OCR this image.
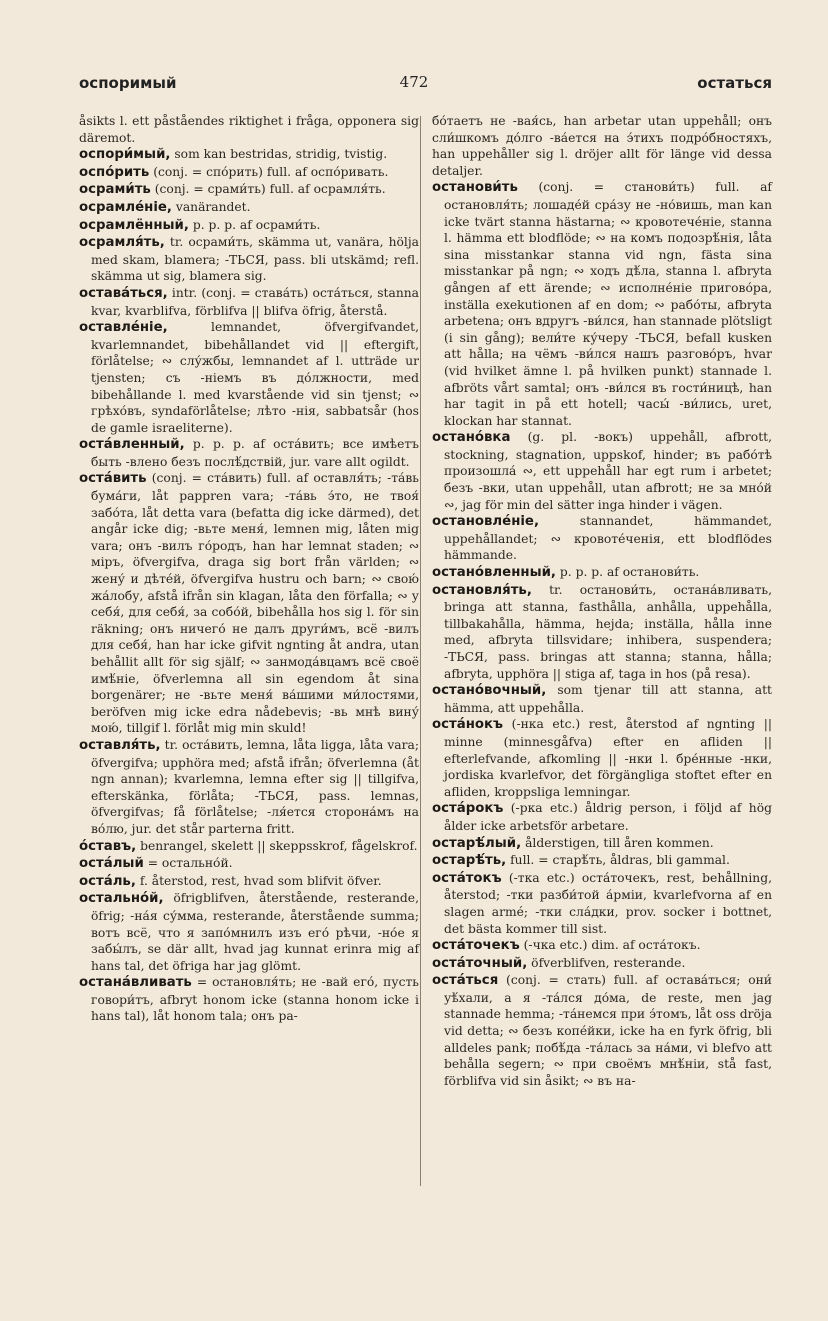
оспоримый	472	остаться

åsikts l. ett påståendes riktighet i fråga, opponera sig däremot.

оспори́мый, som kan bestridas, stridig, tvistig.

оспо́рить (conj. = спо́рить) full. af оспо́ривать.

осрами́ть (conj. = срами́ть) full. af осрамля́ть.

осрамле́ніе, vanärandet.

осрамлённый, p. p. p. af осрами́ть.

осрамля́ть, tr. осрами́ть, skämma ut, vanära, hölja med skam, blamera; -ТЬСЯ, pass. bli utskämd; refl. skämma ut sig, blamera sig.

остава́ться, intr. (conj. = става́ть) оста́ться, stanna kvar, kvarblifva, förblifva || blifva öfrig, återstå.

оставле́ніе,	lemnandet, öfvergifvandet, kvarlemnandet, bibehållandet vid || eftergift, förlåtelse; ∾ слу́жбы, lemnandet af l. utträde ur tjensten; съ -ніемъ въ до́лжности, med bibehållande l. med kvarstående vid sin tjenst; ∾ грѣхо́въ, syndaförlåtelse; лѣто -нія, sabbatsår (hos de gamle israeliterne).

оста́вленный, p. p. p. af оста́вить; все имѣетъ быть -вленo безъ послѣ́дствій, jur. vare allt ogildt.

оста́вить (conj. = ста́вить) full. af оставля́ть; -та́вь бума́ги, låt pappren vara; -та́вь э́то, не твоя́ забо́та, låt detta vara (befatta dig icke därmed), det angår icke dig; -вьте меня́, lemnen mig, låten mig vara; онъ -вилъ го́родъ, han har lemnat staden; ∾ міръ, öfvergifva, draga sig bort från världen; ∾ жену́ и дѣте́й, öfvergifva hustru och barn; ∾ свою́ жа́лобу, afstå ifrån sin klagan, låta den förfalla; ∾ у себя́, для себя́, за собо́й, bibehålla hos sig l. för sin räkning; онъ ничего́ не далъ други́мъ, всё -вилъ для себя́, han har icke gifvit ngnting åt andra, utan behållit allt för sig själf; ∾ занмода́вцамъ всё своё имѣ́ніе, öfverlemna all sin egendom åt sina borgenärer; не -вьте меня́ ва́шими ми́лостями, beröfven mig icke edra nådebevis; -вь мнѣ вину́ мою́, tillgif l. förlåt mig min skuld!

оставля́ть, tr. оста́вить, lemna, låta ligga, låta vara; öfvergifva; upphöra med; afstå ifrån; öfverlemna (åt ngn annan); kvarlemna, lemna efter sig || tillgifva, efterskänka, förlåta; -ТЬСЯ, pass. lemnas, öfvergifvas; få förlåtelse; -ля́ется сторона́мъ на во́лю, jur. det står parterna fritt.

о́ставъ, benrangel, skelett || skeppsskrof, fågelskrof.

оста́лый = остально́й.

оста́ль, f. återstod, rest, hvad som blifvit öfver.

остально́й, öfrigblifven, återstående, resterande, öfrig; -на́я су́мма, resterande, återstående summa; вотъ всё, что я запо́мнилъ изъ его́ рѣчи, -но́е я забы́лъ, se där allt, hvad jag kunnat erinra mig af hans tal, det öfriga har jag glömt.

остана́вливать = остановля́ть; не -вай его́, пусть говори́тъ, afbryt honom icke (stanna honom icke i hans tal), låt honom tala; онъ ра-

бо́таетъ не -вая́сь, han arbetar utan uppehåll; онъ сли́шкомъ до́лго -ва́ется на э́тихъ подро́бностяхъ, han uppehåller sig l. dröjer allt för länge vid dessa detaljer.

останови́ть (conj. = станови́ть) full. af остановля́ть; лошаде́й сра́зу не -но́вишь, man kan icke tvärt stanna hästarna; ∾ кровотече́ніе, stanna l. hämma ett blodflöde; ∾ на комъ подозрѣ́нія, låta sina misstankar stanna vid ngn, fästa sina misstankar på ngn; ∾ ходъ дѣ́ла, stanna l. afbryta gången af ett ärende; ∾ исполне́ніе пригово́ра, inställa exekutionen af en dom; ∾ рабо́ты, afbryta arbetena; онъ вдругъ -ви́лся, han stannade plötsligt (i sin gång); вели́те ку́черу -ТЬСЯ, befall kusken att hålla; на чёмъ -ви́лся нашъ разгово́ръ, hvar (vid hvilket ämne l. på hvilken punkt) stannade l. afbröts vårt samtal; онъ -ви́лся въ гости́ницѣ, han har tagit in på ett hotell; часы́ -ви́лись, uret, klockan har stannat.

остано́вка (g. pl. -вокъ) uppehåll, afbrott, stockning, stagnation, uppskof, hinder; въ рабо́тѣ произошла́ ∾, ett uppehåll har egt rum i arbetet; безъ -вки, utan uppehåll, utan afbrott; не за мно́й ∾, jag för min del sätter inga hinder i vägen.

остановле́ніе,	stannandet, hämmandet, uppehållandet; ∾ кровоте́ченія, ett blodflödes hämmande.

остано́вленный, p. p. p. af останови́ть.

остановля́ть, tr. останови́ть, остана́вливать, bringa att stanna, fasthålla, anhålla, uppehålla, tillbakahålla, hämma, hejda; inställa, hålla inne med, afbryta tillsvidare; inhibera, suspendera; -ТЬСЯ, pass. bringas att stanna; stanna, hålla; afbryta, upphöra || stiga af, taga in hos (på resa).

остано́вочный, som tjenar till att stanna, att hämma, att uppehålla.

оста́нокъ (-нка etc.) rest, återstod af ngnting || minne (minnesgåfva) efter en afliden || efterlefvande, afkomling || -нки l. бре́нные -нки, jordiska kvarlefvor, det förgängliga stoftet efter en afliden, kroppsliga lemningar.

оста́рокъ (-рка etc.) åldrig person, i följd af hög ålder icke arbetsför arbetare.

остарѣ́лый, ålderstigen, till åren kommen.

остарѣ́ть, full. = старѣ́ть, åldras, bli gammal.

оста́токъ (-тка etc.) оста́точекъ, rest, behållning, återstod; -тки разби́той а́рміи, kvarlefvorna af en slagen armé; -тки сла́дки, prov. socker i bottnet, det bästa kommer till sist.

оста́точекъ (-чка etc.) dim. af оста́токъ.

оста́точный, öfverblifven, resterande.

оста́ться (conj. = стать) full. af остава́ться; они́ уѣ́хали, а я -та́лся до́ма, de reste, men jag stannade hemma; -та́немся при э́томъ, låt oss dröja vid detta; ∾ безъ копе́йки, icke ha en fyrk öfrig, bli alldeles pank; побѣ́да -та́лась за на́ми, vi blefvo att behålla segern; ∾ при своёмъ мнѣ́ніи, stå fast, förblifva vid sin åsikt; ∾ въ на-
